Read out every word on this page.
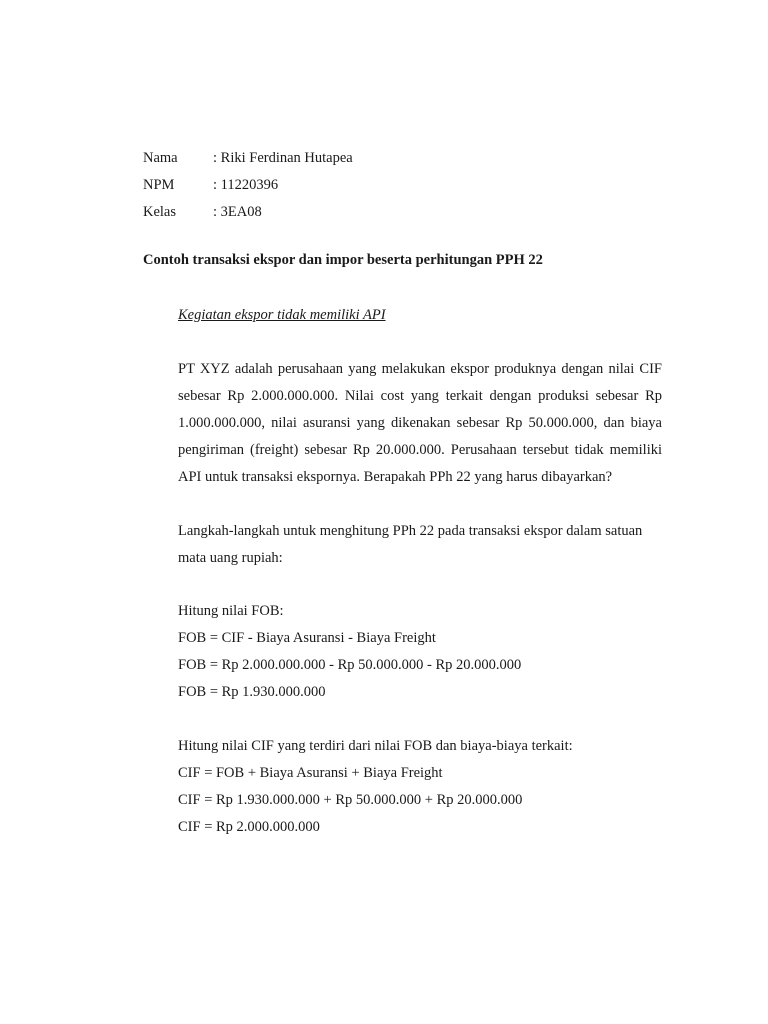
Nama	: Riki Ferdinan Hutapea
NPM	: 11220396
Kelas	: 3EA08
Contoh transaksi ekspor dan impor beserta perhitungan PPH 22
Kegiatan ekspor tidak memiliki API

PT XYZ adalah perusahaan yang melakukan ekspor produknya dengan nilai CIF sebesar Rp 2.000.000.000. Nilai cost yang terkait dengan produksi sebesar Rp 1.000.000.000, nilai asuransi yang dikenakan sebesar Rp 50.000.000, dan biaya pengiriman (freight) sebesar Rp 20.000.000. Perusahaan tersebut tidak memiliki API untuk transaksi ekspornya. Berapakah PPh 22 yang harus dibayarkan?

Langkah-langkah untuk menghitung PPh 22 pada transaksi ekspor dalam satuan mata uang rupiah:

Hitung nilai FOB:
FOB = CIF - Biaya Asuransi - Biaya Freight
FOB = Rp 2.000.000.000 - Rp 50.000.000 - Rp 20.000.000
FOB = Rp 1.930.000.000
Hitung nilai CIF yang terdiri dari nilai FOB dan biaya-biaya terkait:
CIF = FOB + Biaya Asuransi + Biaya Freight
CIF = Rp 1.930.000.000 + Rp 50.000.000 + Rp 20.000.000
CIF = Rp 2.000.000.000
